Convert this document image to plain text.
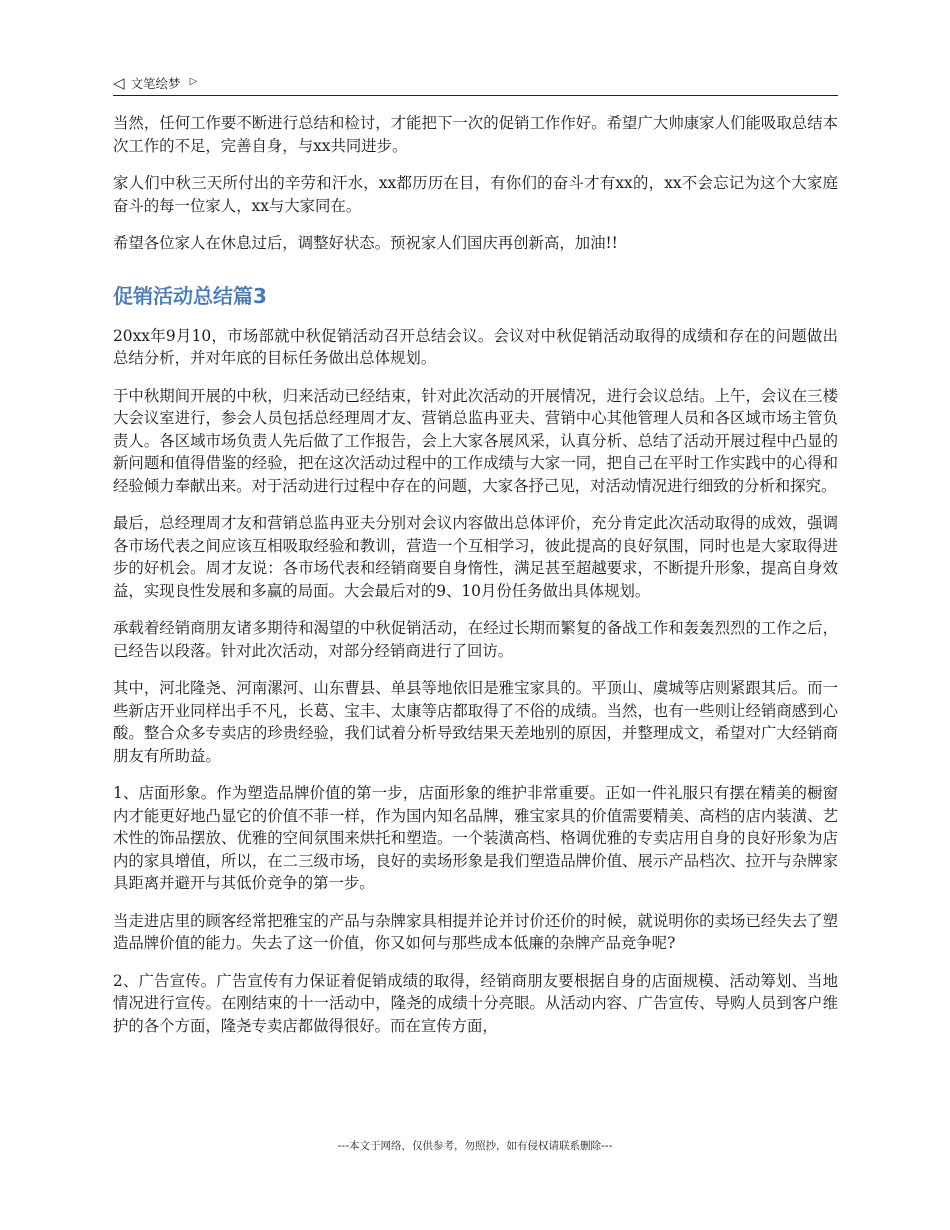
◁ 文笔绘梦 ▷

当然，任何工作要不断进行总结和检讨，才能把下一次的促销工作作好。希望广大帅康家人们能吸取总结本次工作的不足，完善自身，与xx共同进步。

家人们中秋三天所付出的辛劳和汗水，xx都历历在目，有你们的奋斗才有xx的，xx不会忘记为这个大家庭奋斗的每一位家人，xx与大家同在。

希望各位家人在休息过后，调整好状态。预祝家人们国庆再创新高，加油!!

促销活动总结篇3

20xx年9月10，市场部就中秋促销活动召开总结会议。会议对中秋促销活动取得的成绩和存在的问题做出总结分析，并对年底的目标任务做出总体规划。

于中秋期间开展的中秋，归来活动已经结束，针对此次活动的开展情况，进行会议总结。上午，会议在三楼大会议室进行，参会人员包括总经理周才友、营销总监冉亚夫、营销中心其他管理人员和各区域市场主管负责人。各区域市场负责人先后做了工作报告，会上大家各展风采，认真分析、总结了活动开展过程中凸显的新问题和值得借鉴的经验，把在这次活动过程中的工作成绩与大家一同，把自己在平时工作实践中的心得和经验倾力奉献出来。对于活动进行过程中存在的问题，大家各抒己见，对活动情况进行细致的分析和探究。

最后，总经理周才友和营销总监冉亚夫分别对会议内容做出总体评价，充分肯定此次活动取得的成效，强调各市场代表之间应该互相吸取经验和教训，营造一个互相学习，彼此提高的良好氛围，同时也是大家取得进步的好机会。周才友说：各市场代表和经销商要自身惰性，满足甚至超越要求，不断提升形象，提高自身效益，实现良性发展和多赢的局面。大会最后对的9、10月份任务做出具体规划。

承载着经销商朋友诸多期待和渴望的中秋促销活动，在经过长期而繁复的备战工作和轰轰烈烈的工作之后，已经告以段落。针对此次活动，对部分经销商进行了回访。

其中，河北隆尧、河南漯河、山东曹县、单县等地依旧是雅宝家具的。平顶山、虞城等店则紧跟其后。而一些新店开业同样出手不凡，长葛、宝丰、太康等店都取得了不俗的成绩。当然，也有一些则让经销商感到心酸。整合众多专卖店的珍贵经验，我们试着分析导致结果天差地别的原因，并整理成文，希望对广大经销商朋友有所助益。

1、店面形象。作为塑造品牌价值的第一步，店面形象的维护非常重要。正如一件礼服只有摆在精美的橱窗内才能更好地凸显它的价值不菲一样，作为国内知名品牌，雅宝家具的价值需要精美、高档的店内装潢、艺术性的饰品摆放、优雅的空间氛围来烘托和塑造。一个装潢高档、格调优雅的专卖店用自身的良好形象为店内的家具增值，所以，在二三级市场，良好的卖场形象是我们塑造品牌价值、展示产品档次、拉开与杂牌家具距离并避开与其低价竞争的第一步。

当走进店里的顾客经常把雅宝的产品与杂牌家具相提并论并讨价还价的时候，就说明你的卖场已经失去了塑造品牌价值的能力。失去了这一价值，你又如何与那些成本低廉的杂牌产品竞争呢?

2、广告宣传。广告宣传有力保证着促销成绩的取得，经销商朋友要根据自身的店面规模、活动筹划、当地情况进行宣传。在刚结束的十一活动中，隆尧的成绩十分亮眼。从活动内容、广告宣传、导购人员到客户维护的各个方面，隆尧专卖店都做得很好。而在宣传方面，

---本文于网络，仅供参考，勿照抄，如有侵权请联系删除---
